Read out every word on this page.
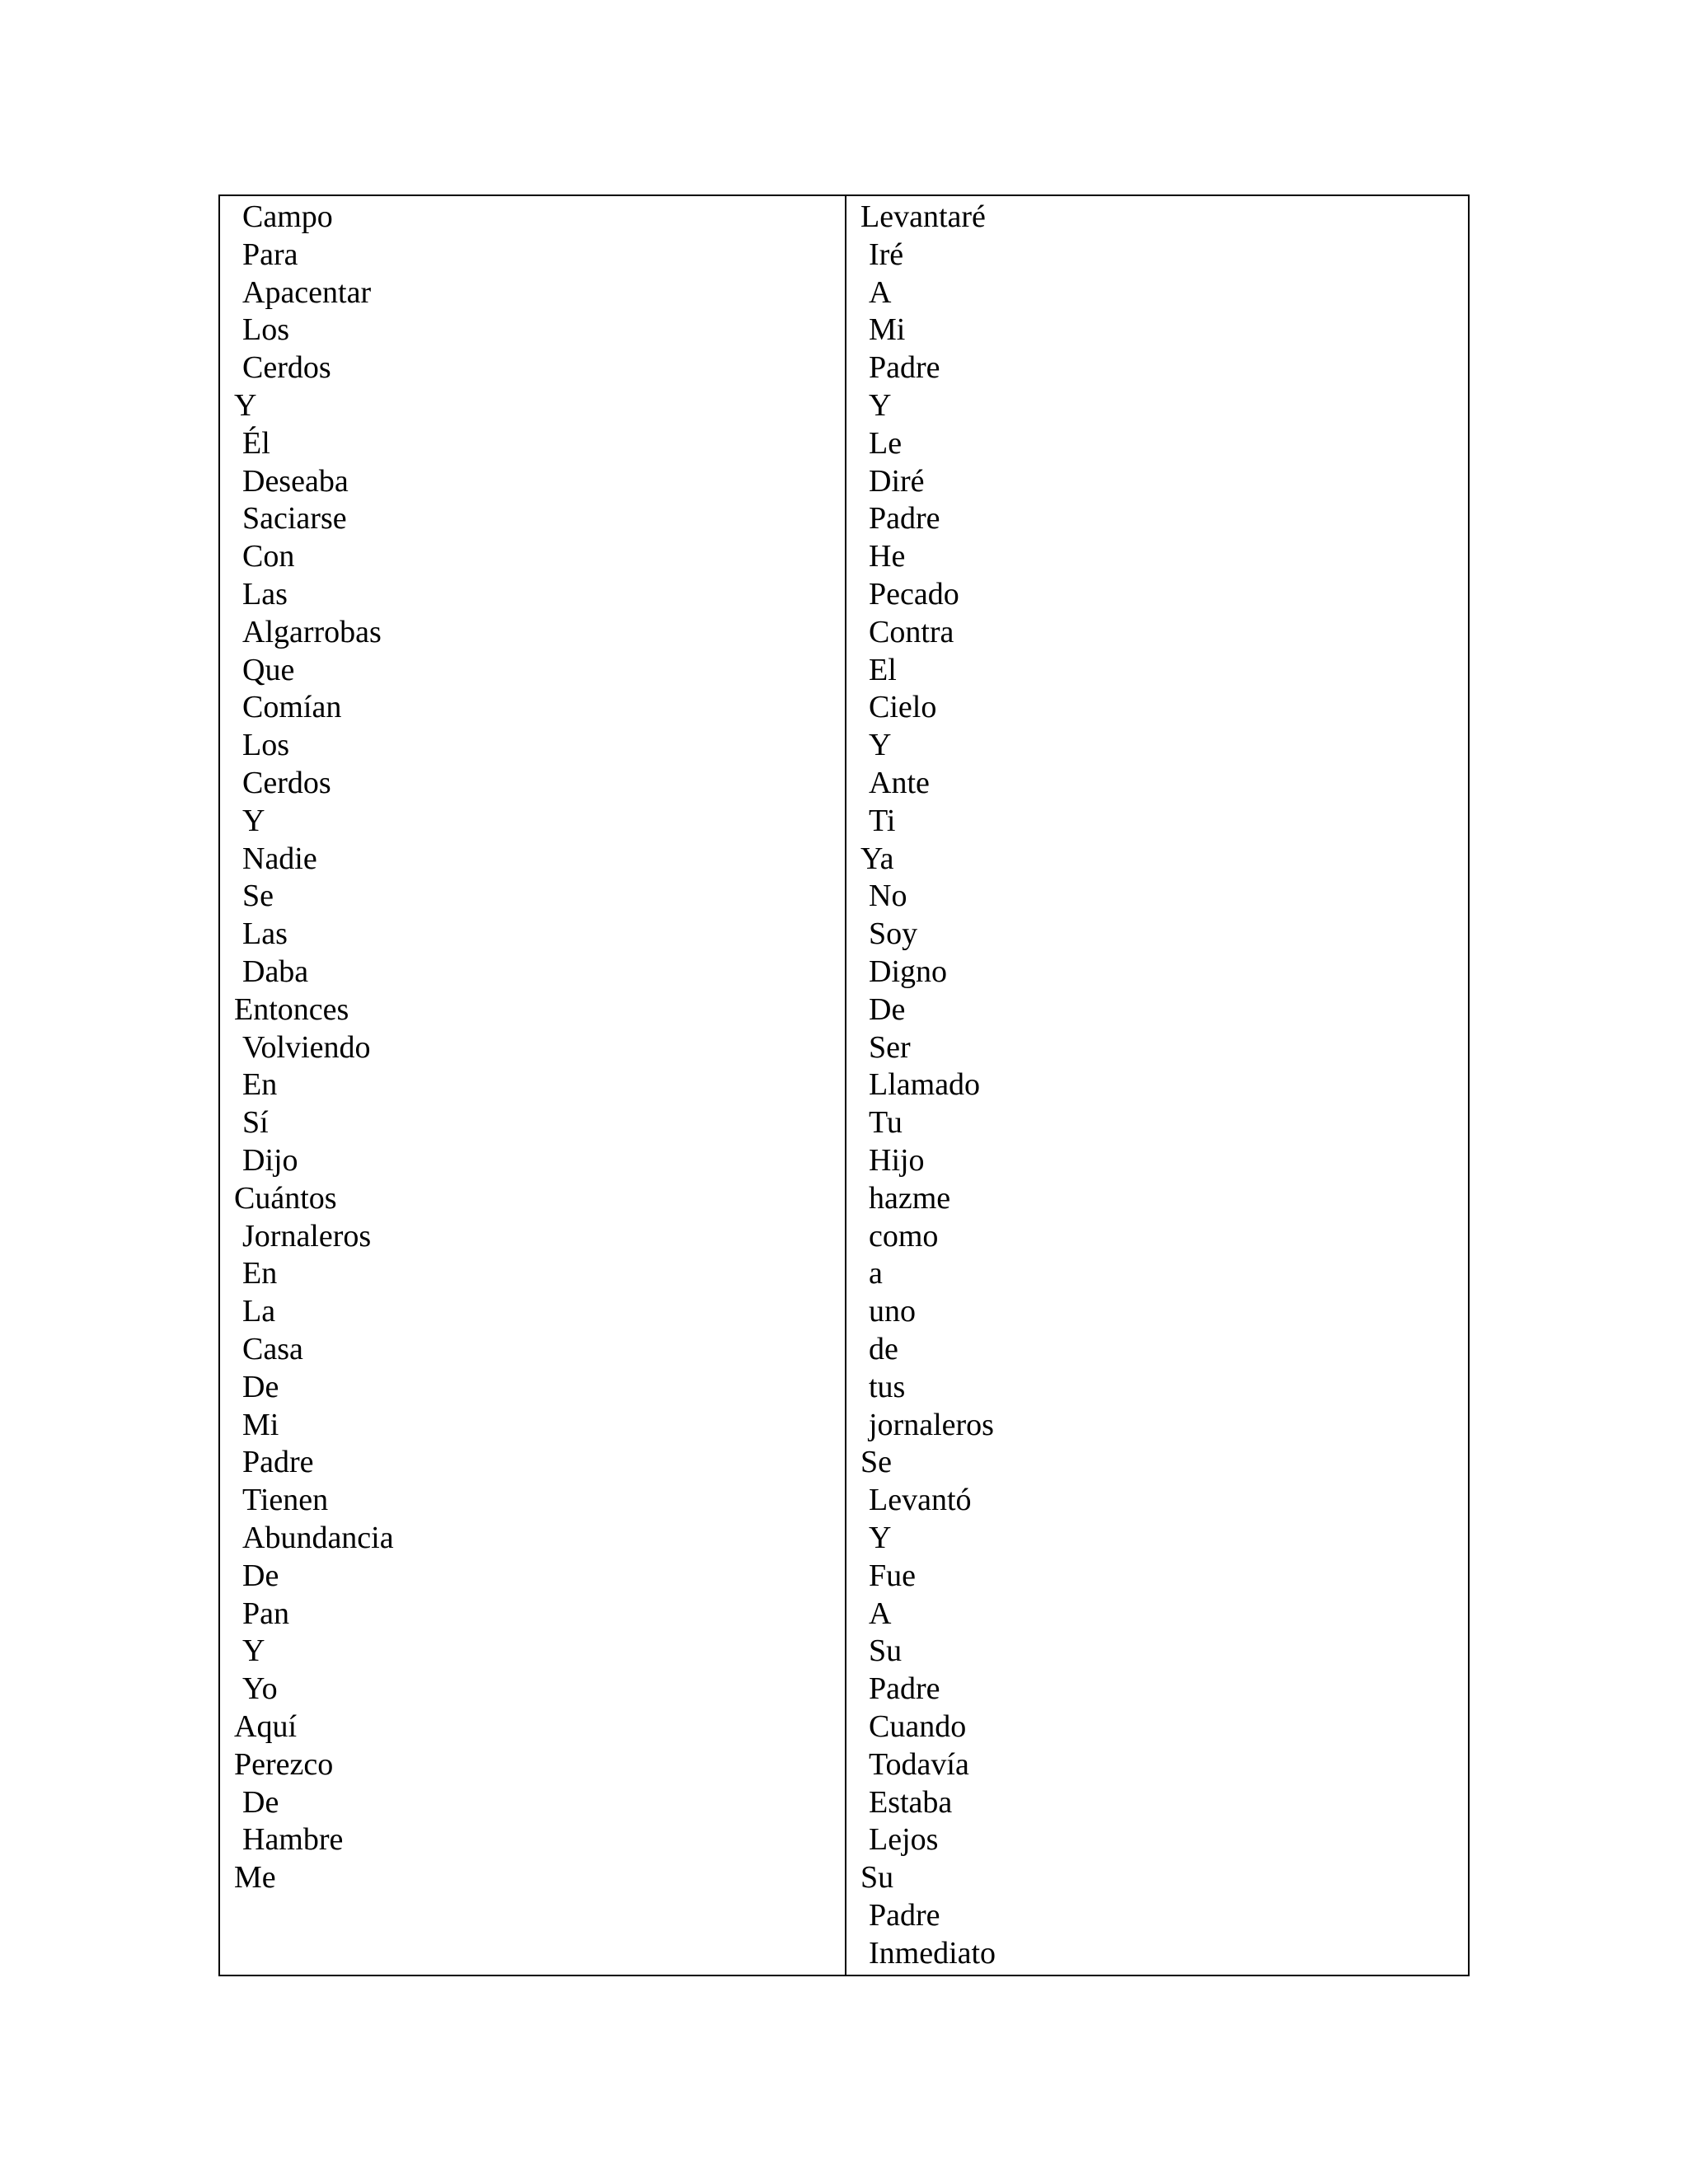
Campo
Para
Apacentar
Los
Cerdos
Y
Él
Deseaba
Saciarse
Con
Las
Algarrobas
Que
Comían
Los
Cerdos
Y
Nadie
Se
Las
Daba
Entonces
Volviendo
En
Sí
Dijo
Cuántos
Jornaleros
En
La
Casa
De
Mi
Padre
Tienen
Abundancia
De
Pan
Y
Yo
Aquí
Perezco
De
Hambre
Me
Levantaré
Iré
A
Mi
Padre
Y
Le
Diré
Padre
He
Pecado
Contra
El
Cielo
Y
Ante
Ti
Ya
No
Soy
Digno
De
Ser
Llamado
Tu
Hijo
hazme
como
a
uno
de
tus
jornaleros
Se
Levantó
Y
Fue
A
Su
Padre
Cuando
Todavía
Estaba
Lejos
Su
Padre
Inmediato
